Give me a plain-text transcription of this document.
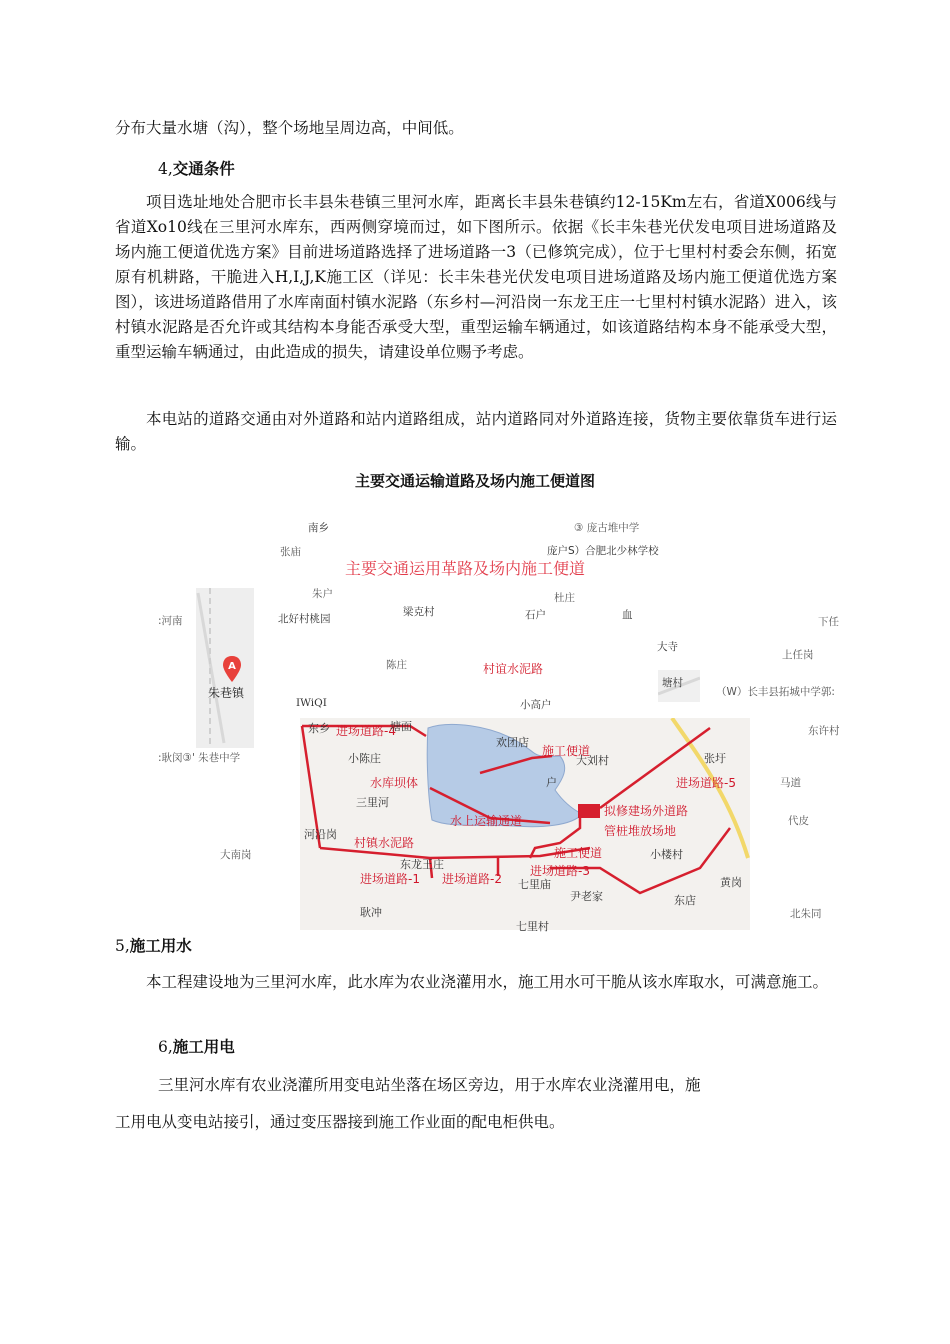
分布大量水塘（沟），整个场地呈周边高，中间低。

4,交通条件

项目选址地处合肥市长丰县朱巷镇三里河水库，距离长丰县朱巷镇约12-15Km左右，省道X006线与省道Xo10线在三里河水库东，西两侧穿境而过，如下图所示。依据《长丰朱巷光伏发电项目进场道路及场内施工便道优选方案》目前进场道路选择了进场道路一3（已修筑完成），位于七里村村委会东侧，拓宽原有机耕路，干脆进入H,I,J,K施工区（详见：长丰朱巷光伏发电项目进场道路及场内施工便道优选方案图），该进场道路借用了水库南面村镇水泥路（东乡村—河沿岗一东龙王庄一七里村村镇水泥路）进入，该村镇水泥路是否允许或其结构本身能否承受大型，重型运输车辆通过，如该道路结构本身不能承受大型，重型运输车辆通过，由此造成的损失，请建设单位赐予考虑。

本电站的道路交通由对外道路和站内道路组成，站内道路同对外道路连接，货物主要依靠货车进行运输。

主要交通运输道路及场内施工便道图
南乡	③ 庞古堆中学
张庙	庞户S）合肥北少林学校
主要交通运用革路及场内施工便道
朱户	杜庄
A
朱巷镇
:河南	北好村桃园
梁克村	石户	血
下任
大寺
上任岗
陈庄	村谊水泥路
塘村
（W）长丰县拓城中学郭:
IWiQI	小高户
:耿闵③' 朱巷中学
东许村
马道
代皮
大南岗
北朱同
东乡 进场道路-4
塘面
欢团店
施工便道
大刘村	张圩
小陈庄
水库坝体	户	进场道路-5
三里河
水上运输通道
拟修建场外道路
管桩堆放场地
河沿岗
村镇水泥路
施工便道	小楼村
东龙王庄	进场道路-3
进场道路-1 进场道路-2 七里庙	黄岗
尹老家	东店
耿冲
七里村

5,施工用水

本工程建设地为三里河水库，此水库为农业浇灌用水，施工用水可干脆从该水库取水，可满意施工。

6,施工用电

三里河水库有农业浇灌所用变电站坐落在场区旁边，用于水库农业浇灌用电，施

工用电从变电站接引，通过变压器接到施工作业面的配电柜供电。
